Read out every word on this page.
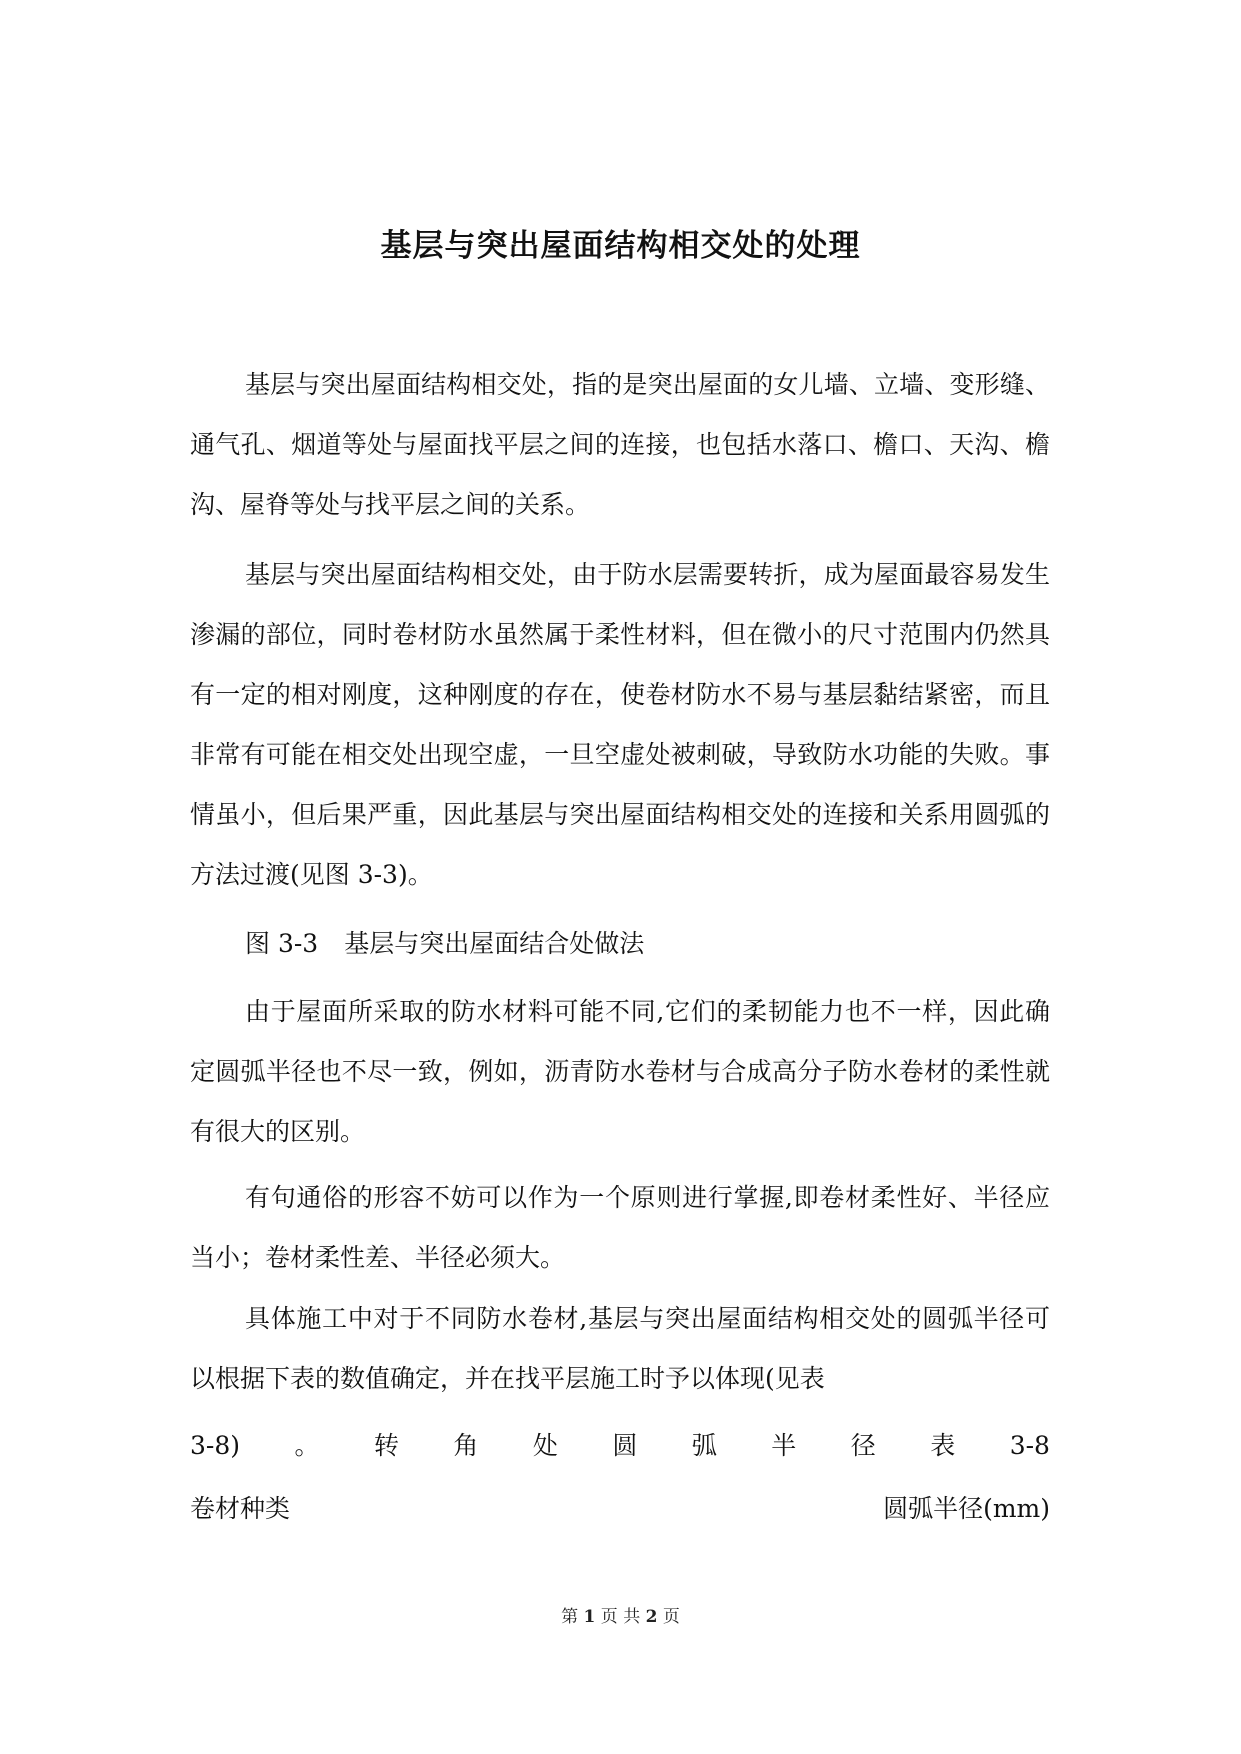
基层与突出屋面结构相交处的处理

基层与突出屋面结构相交处，指的是突出屋面的女儿墙、立墙、变形缝、通气孔、烟道等处与屋面找平层之间的连接，也包括水落口、檐口、天沟、檐沟、屋脊等处与找平层之间的关系。

基层与突出屋面结构相交处，由于防水层需要转折，成为屋面最容易发生渗漏的部位，同时卷材防水虽然属于柔性材料，但在微小的尺寸范围内仍然具有一定的相对刚度，这种刚度的存在，使卷材防水不易与基层黏结紧密，而且非常有可能在相交处出现空虚，一旦空虚处被刺破，导致防水功能的失败。事情虽小，但后果严重，因此基层与突出屋面结构相交处的连接和关系用圆弧的方法过渡(见图 3-3)。

图 3-3 基层与突出屋面结合处做法

由于屋面所采取的防水材料可能不同,它们的柔韧能力也不一样，因此确定圆弧半径也不尽一致，例如，沥青防水卷材与合成高分子防水卷材的柔性就有很大的区别。

有句通俗的形容不妨可以作为一个原则进行掌握,即卷材柔性好、半径应当小；卷材柔性差、半径必须大。

具体施工中对于不同防水卷材,基层与突出屋面结构相交处的圆弧半径可以根据下表的数值确定，并在找平层施工时予以体现(见表

3-8) 。 转 角 处 圆 弧 半 径 表 3-8

卷材种类	圆弧半径(mm)

第 1 页 共 2 页
